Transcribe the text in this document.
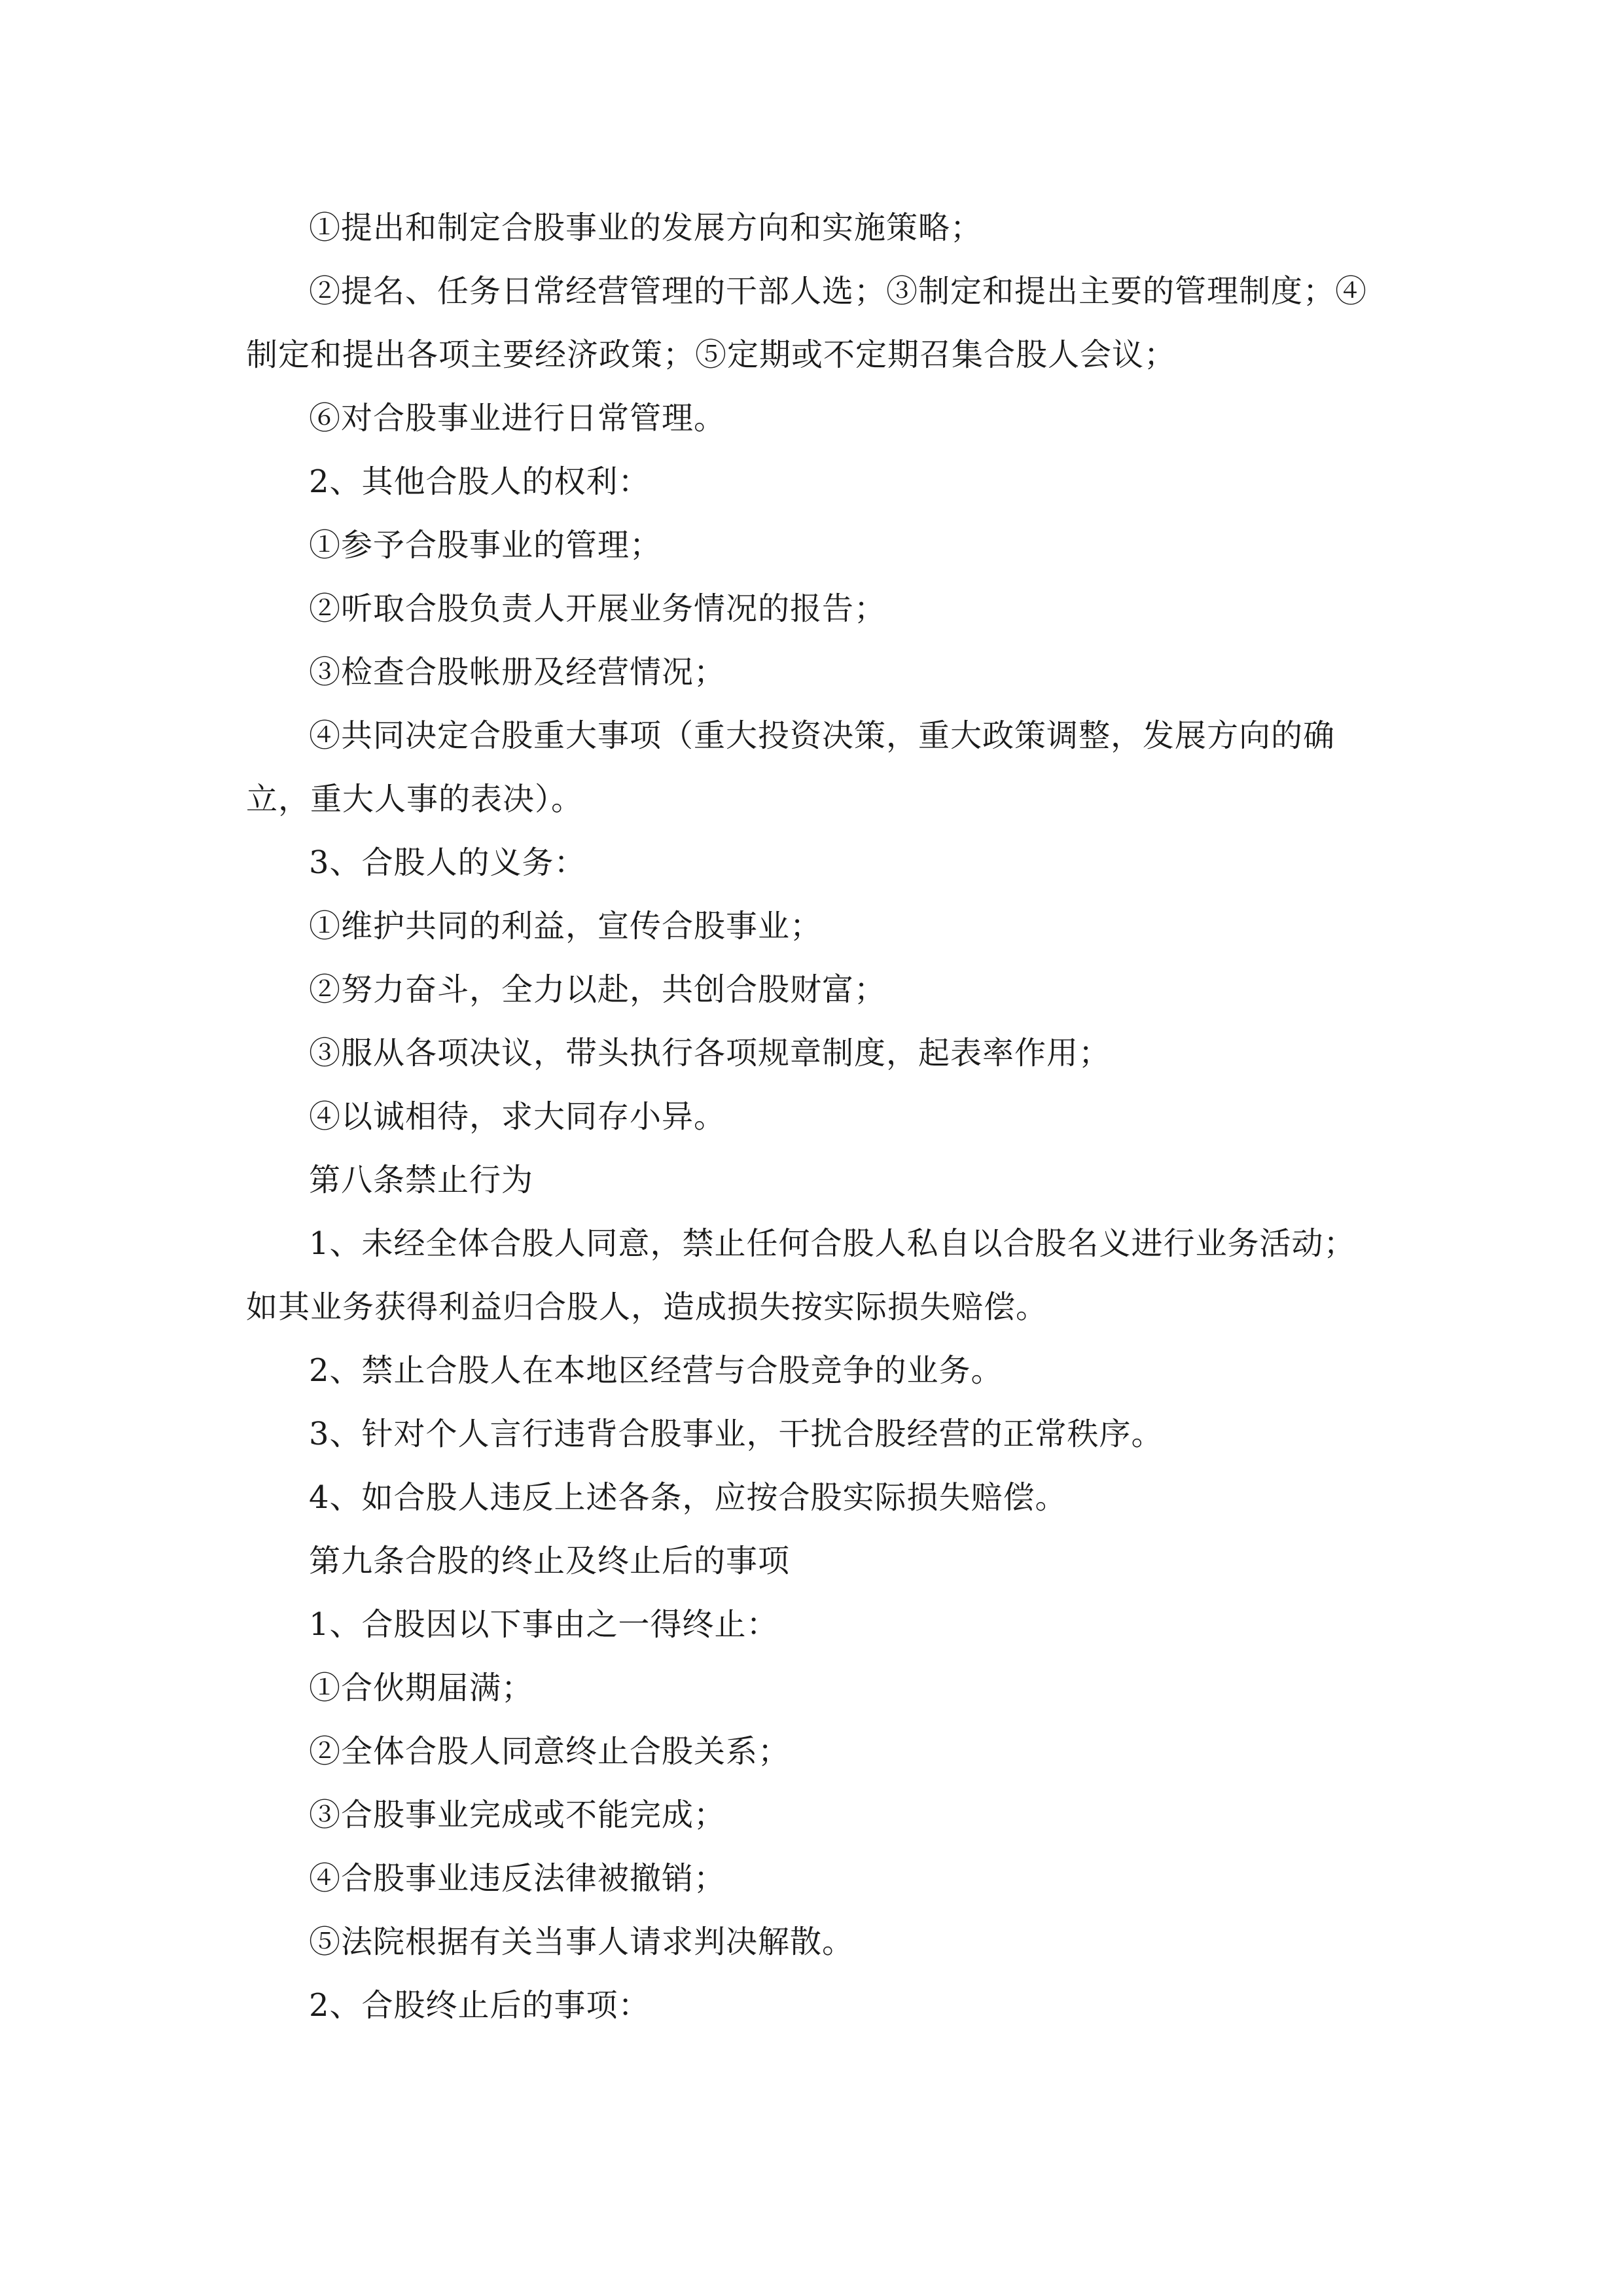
①提出和制定合股事业的发展方向和实施策略；

②提名、任务日常经营管理的干部人选；③制定和提出主要的管理制度；④制定和提出各项主要经济政策；⑤定期或不定期召集合股人会议；

⑥对合股事业进行日常管理。

2、其他合股人的权利：

①参予合股事业的管理；

②听取合股负责人开展业务情况的报告；

③检查合股帐册及经营情况；

④共同决定合股重大事项（重大投资决策，重大政策调整，发展方向的确立，重大人事的表决）。

3、合股人的义务：

①维护共同的利益，宣传合股事业；

②努力奋斗，全力以赴，共创合股财富；

③服从各项决议，带头执行各项规章制度，起表率作用；

④以诚相待，求大同存小异。

第八条禁止行为

1、未经全体合股人同意，禁止任何合股人私自以合股名义进行业务活动；如其业务获得利益归合股人，造成损失按实际损失赔偿。

2、禁止合股人在本地区经营与合股竞争的业务。

3、针对个人言行违背合股事业，干扰合股经营的正常秩序。

4、如合股人违反上述各条，应按合股实际损失赔偿。

第九条合股的终止及终止后的事项

1、合股因以下事由之一得终止：

①合伙期届满；

②全体合股人同意终止合股关系；

③合股事业完成或不能完成；

④合股事业违反法律被撤销；

⑤法院根据有关当事人请求判决解散。

2、合股终止后的事项：
